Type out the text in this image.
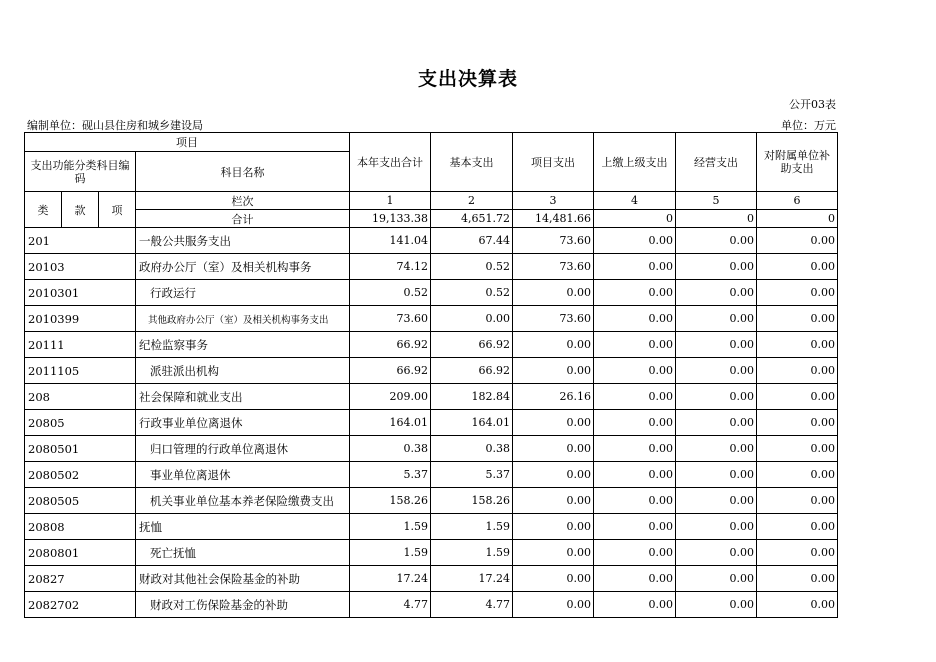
支出决算表
公开03表
编制单位：砚山县住房和城乡建设局	单位：万元
项目				本年支出合计	基本支出	项目支出	上缴上级支出	经营支出	对附属单位补助支出
支出功能分类科目编码			科目名称						

类	款	项	栏次	1	2	3	4	5	6
			合计	19,133.38	4,651.72	14,481.66	0	0	0
201			一般公共服务支出	141.04	67.44	73.60	0.00	0.00	0.00
20103			政府办公厅（室）及相关机构事务	74.12	0.52	73.60	0.00	0.00	0.00
2010301			行政运行	0.52	0.52	0.00	0.00	0.00	0.00
2010399			其他政府办公厅（室）及相关机构事务支出	73.60	0.00	73.60	0.00	0.00	0.00
20111			纪检监察事务	66.92	66.92	0.00	0.00	0.00	0.00
2011105			派驻派出机构	66.92	66.92	0.00	0.00	0.00	0.00
208			社会保障和就业支出	209.00	182.84	26.16	0.00	0.00	0.00
20805			行政事业单位离退休	164.01	164.01	0.00	0.00	0.00	0.00
2080501			归口管理的行政单位离退休	0.38	0.38	0.00	0.00	0.00	0.00
2080502			事业单位离退休	5.37	5.37	0.00	0.00	0.00	0.00
2080505			机关事业单位基本养老保险缴费支出	158.26	158.26	0.00	0.00	0.00	0.00
20808			抚恤	1.59	1.59	0.00	0.00	0.00	0.00
2080801			死亡抚恤	1.59	1.59	0.00	0.00	0.00	0.00
20827			财政对其他社会保险基金的补助	17.24	17.24	0.00	0.00	0.00	0.00
2082702			财政对工伤保险基金的补助	4.77	4.77	0.00	0.00	0.00	0.00
